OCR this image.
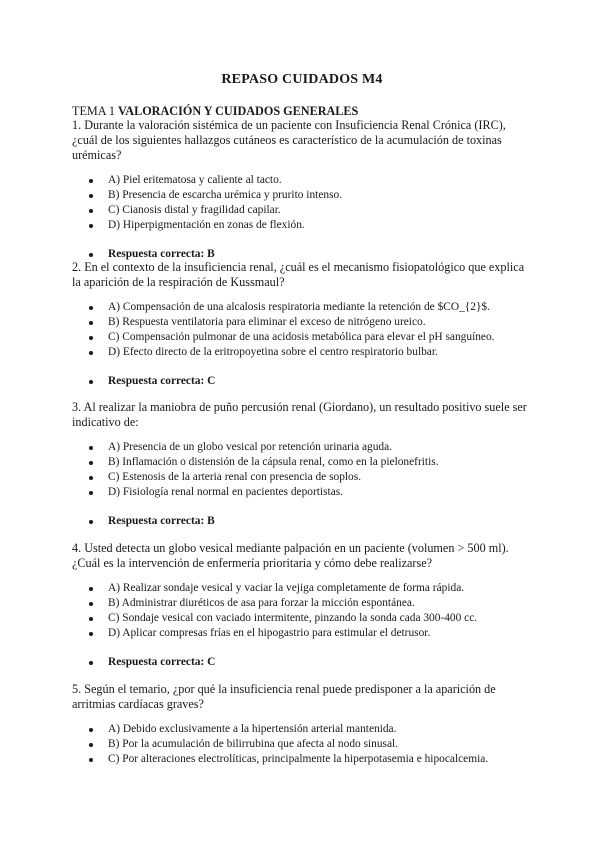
REPASO CUIDADOS M4
TEMA 1 VALORACIÓN Y CUIDADOS GENERALES

1. Durante la valoración sistémica de un paciente con Insuficiencia Renal Crónica (IRC), ¿cuál de los siguientes hallazgos cutáneos es característico de la acumulación de toxinas urémicas?

A) Piel eritematosa y caliente al tacto.
B) Presencia de escarcha urémica y prurito intenso.
C) Cianosis distal y fragilidad capilar.
D) Hiperpigmentación en zonas de flexión.
Respuesta correcta: B

2. En el contexto de la insuficiencia renal, ¿cuál es el mecanismo fisiopatológico que explica la aparición de la respiración de Kussmaul?

A) Compensación de una alcalosis respiratoria mediante la retención de $CO_{2}$.
B) Respuesta ventilatoria para eliminar el exceso de nitrógeno ureico.
C) Compensación pulmonar de una acidosis metabólica para elevar el pH sanguíneo.
D) Efecto directo de la eritropoyetina sobre el centro respiratorio bulbar.
Respuesta correcta: C

3. Al realizar la maniobra de puño percusión renal (Giordano), un resultado positivo suele ser indicativo de:

A) Presencia de un globo vesical por retención urinaria aguda.
B) Inflamación o distensión de la cápsula renal, como en la pielonefritis.
C) Estenosis de la arteria renal con presencia de soplos.
D) Fisiología renal normal en pacientes deportistas.
Respuesta correcta: B

4. Usted detecta un globo vesical mediante palpación en un paciente (volumen > 500 ml). ¿Cuál es la intervención de enfermería prioritaria y cómo debe realizarse?

A) Realizar sondaje vesical y vaciar la vejiga completamente de forma rápida.
B) Administrar diuréticos de asa para forzar la micción espontánea.
C) Sondaje vesical con vaciado intermitente, pinzando la sonda cada 300-400 cc.
D) Aplicar compresas frías en el hipogastrio para estimular el detrusor.
Respuesta correcta: C

5. Según el temario, ¿por qué la insuficiencia renal puede predisponer a la aparición de arritmias cardíacas graves?

A) Debido exclusivamente a la hipertensión arterial mantenida.
B) Por la acumulación de bilirrubina que afecta al nodo sinusal.
C) Por alteraciones electrolíticas, principalmente la hiperpotasemia e hipocalcemia.
